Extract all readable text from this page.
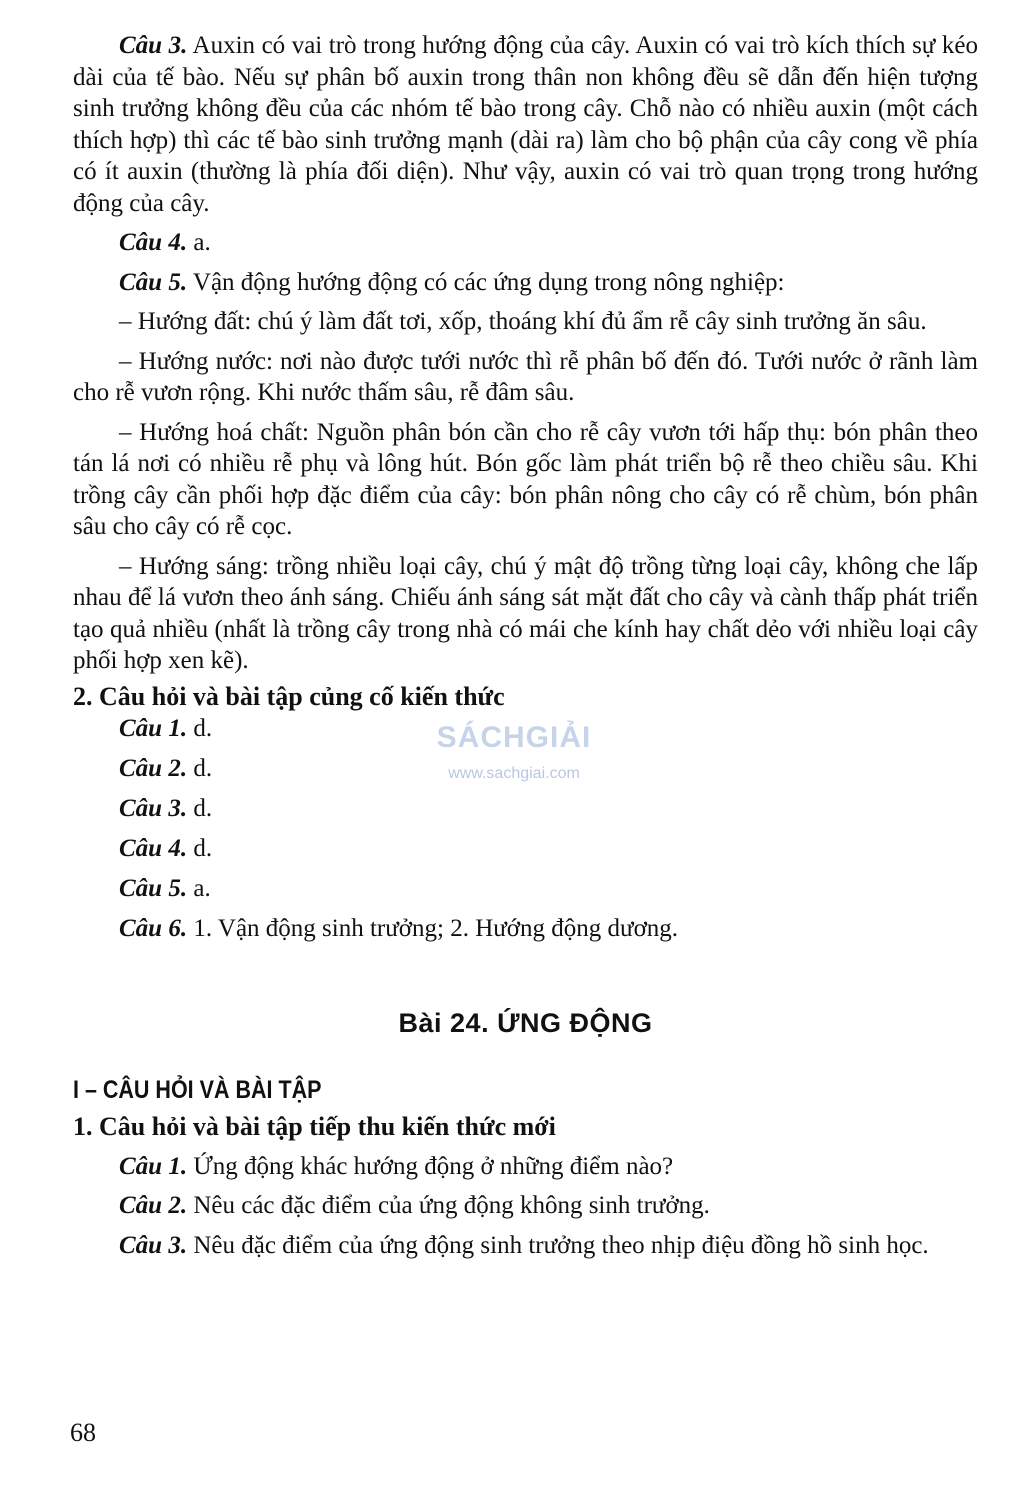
SÁCHGIẢI
www.sachgiai.com

Câu 3. Auxin có vai trò trong hướng động của cây. Auxin có vai trò kích thích sự kéo dài của tế bào. Nếu sự phân bố auxin trong thân non không đều sẽ dẫn đến hiện tượng sinh trưởng không đều của các nhóm tế bào trong cây. Chỗ nào có nhiều auxin (một cách thích hợp) thì các tế bào sinh trưởng mạnh (dài ra) làm cho bộ phận của cây cong về phía có ít auxin (thường là phía đối diện). Như vậy, auxin có vai trò quan trọng trong hướng động của cây.

Câu 4. a.

Câu 5. Vận động hướng động có các ứng dụng trong nông nghiệp:

– Hướng đất: chú ý làm đất tơi, xốp, thoáng khí đủ ẩm rễ cây sinh trưởng ăn sâu.

– Hướng nước: nơi nào được tưới nước thì rễ phân bố đến đó. Tưới nước ở rãnh làm cho rễ vươn rộng. Khi nước thấm sâu, rễ đâm sâu.

– Hướng hoá chất: Nguồn phân bón cần cho rễ cây vươn tới hấp thụ: bón phân theo tán lá nơi có nhiều rễ phụ và lông hút. Bón gốc làm phát triển bộ rễ theo chiều sâu. Khi trồng cây cần phối hợp đặc điểm của cây: bón phân nông cho cây có rễ chùm, bón phân sâu cho cây có rễ cọc.

– Hướng sáng: trồng nhiều loại cây, chú ý mật độ trồng từng loại cây, không che lấp nhau để lá vươn theo ánh sáng. Chiếu ánh sáng sát mặt đất cho cây và cành thấp phát triển tạo quả nhiều (nhất là trồng cây trong nhà có mái che kính hay chất dẻo với nhiều loại cây phối hợp xen kẽ).

2. Câu hỏi và bài tập củng cố kiến thức

Câu 1. d.
Câu 2. d.
Câu 3. d.
Câu 4. d.
Câu 5. a.
Câu 6. 1. Vận động sinh trưởng; 2. Hướng động dương.
Bài 24. ỨNG ĐỘNG
I – CÂU HỎI VÀ BÀI TẬP

1. Câu hỏi và bài tập tiếp thu kiến thức mới

Câu 1. Ứng động khác hướng động ở những điểm nào?

Câu 2. Nêu các đặc điểm của ứng động không sinh trưởng.

Câu 3. Nêu đặc điểm của ứng động sinh trưởng theo nhịp điệu đồng hồ sinh học.

68
